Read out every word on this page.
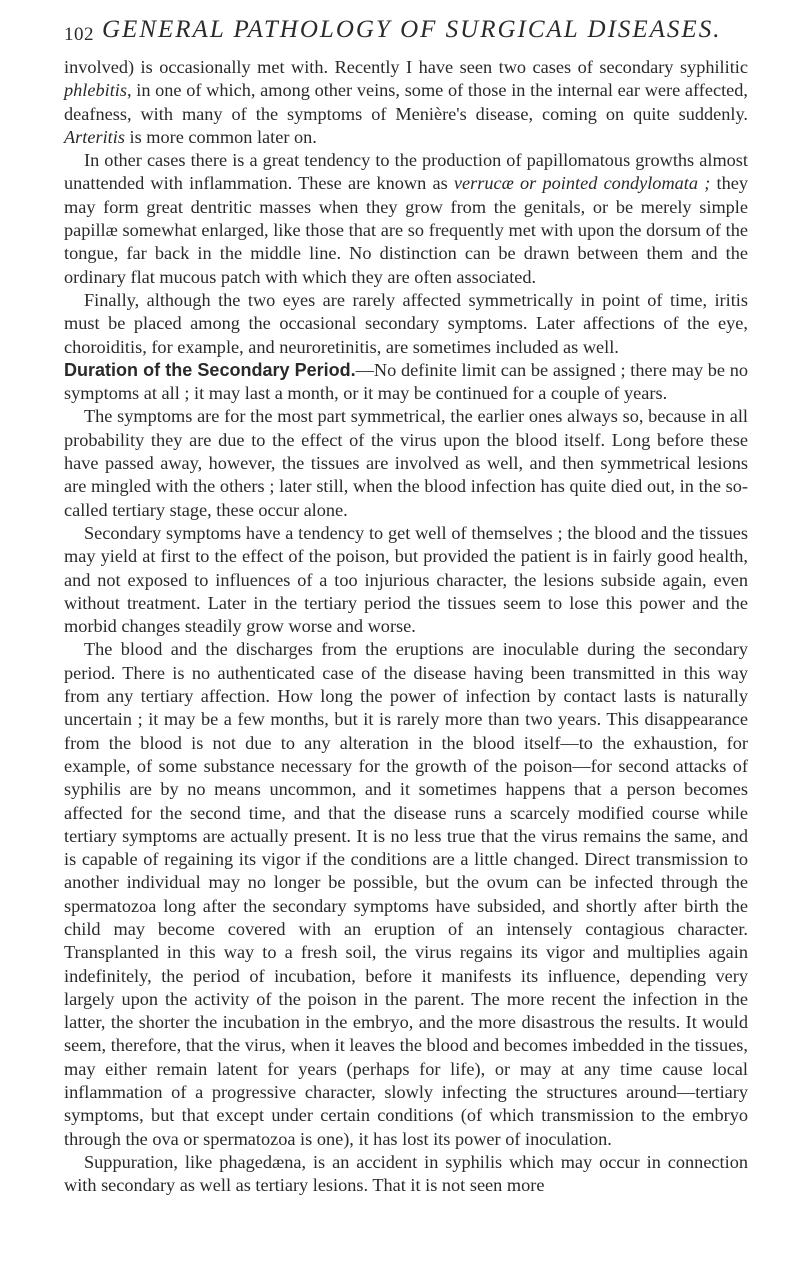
102 GENERAL PATHOLOGY OF SURGICAL DISEASES.

involved) is occasionally met with. Recently I have seen two cases of secondary syphilitic phlebitis, in one of which, among other veins, some of those in the internal ear were affected, deafness, with many of the symptoms of Menière's disease, coming on quite suddenly. Arteritis is more common later on.

In other cases there is a great tendency to the production of papillomatous growths almost unattended with inflammation. These are known as verrucæ or pointed condylomata ; they may form great dentritic masses when they grow from the genitals, or be merely simple papillæ somewhat enlarged, like those that are so frequently met with upon the dorsum of the tongue, far back in the middle line. No distinction can be drawn between them and the ordinary flat mucous patch with which they are often associated.

Finally, although the two eyes are rarely affected symmetrically in point of time, iritis must be placed among the occasional secondary symptoms. Later affections of the eye, choroiditis, for example, and neuroretinitis, are sometimes included as well.

Duration of the Secondary Period.—No definite limit can be assigned ; there may be no symptoms at all ; it may last a month, or it may be continued for a couple of years.

The symptoms are for the most part symmetrical, the earlier ones always so, because in all probability they are due to the effect of the virus upon the blood itself. Long before these have passed away, however, the tissues are involved as well, and then symmetrical lesions are mingled with the others ; later still, when the blood infection has quite died out, in the so-called tertiary stage, these occur alone.

Secondary symptoms have a tendency to get well of themselves ; the blood and the tissues may yield at first to the effect of the poison, but provided the patient is in fairly good health, and not exposed to influences of a too injurious character, the lesions subside again, even without treatment. Later in the tertiary period the tissues seem to lose this power and the morbid changes steadily grow worse and worse.

The blood and the discharges from the eruptions are inoculable during the secondary period. There is no authenticated case of the disease having been transmitted in this way from any tertiary affection. How long the power of infection by contact lasts is naturally uncertain ; it may be a few months, but it is rarely more than two years. This disappearance from the blood is not due to any alteration in the blood itself—to the exhaustion, for example, of some substance necessary for the growth of the poison—for second attacks of syphilis are by no means uncommon, and it sometimes happens that a person becomes affected for the second time, and that the disease runs a scarcely modified course while tertiary symptoms are actually present. It is no less true that the virus remains the same, and is capable of regaining its vigor if the conditions are a little changed. Direct transmission to another individual may no longer be possible, but the ovum can be infected through the spermatozoa long after the secondary symptoms have subsided, and shortly after birth the child may become covered with an eruption of an intensely contagious character. Transplanted in this way to a fresh soil, the virus regains its vigor and multiplies again indefinitely, the period of incubation, before it manifests its influence, depending very largely upon the activity of the poison in the parent. The more recent the infection in the latter, the shorter the incubation in the embryo, and the more disastrous the results. It would seem, therefore, that the virus, when it leaves the blood and becomes imbedded in the tissues, may either remain latent for years (perhaps for life), or may at any time cause local inflammation of a progressive character, slowly infecting the structures around—tertiary symptoms, but that except under certain conditions (of which transmission to the embryo through the ova or spermatozoa is one), it has lost its power of inoculation.

Suppuration, like phagedæna, is an accident in syphilis which may occur in connection with secondary as well as tertiary lesions. That it is not seen more
